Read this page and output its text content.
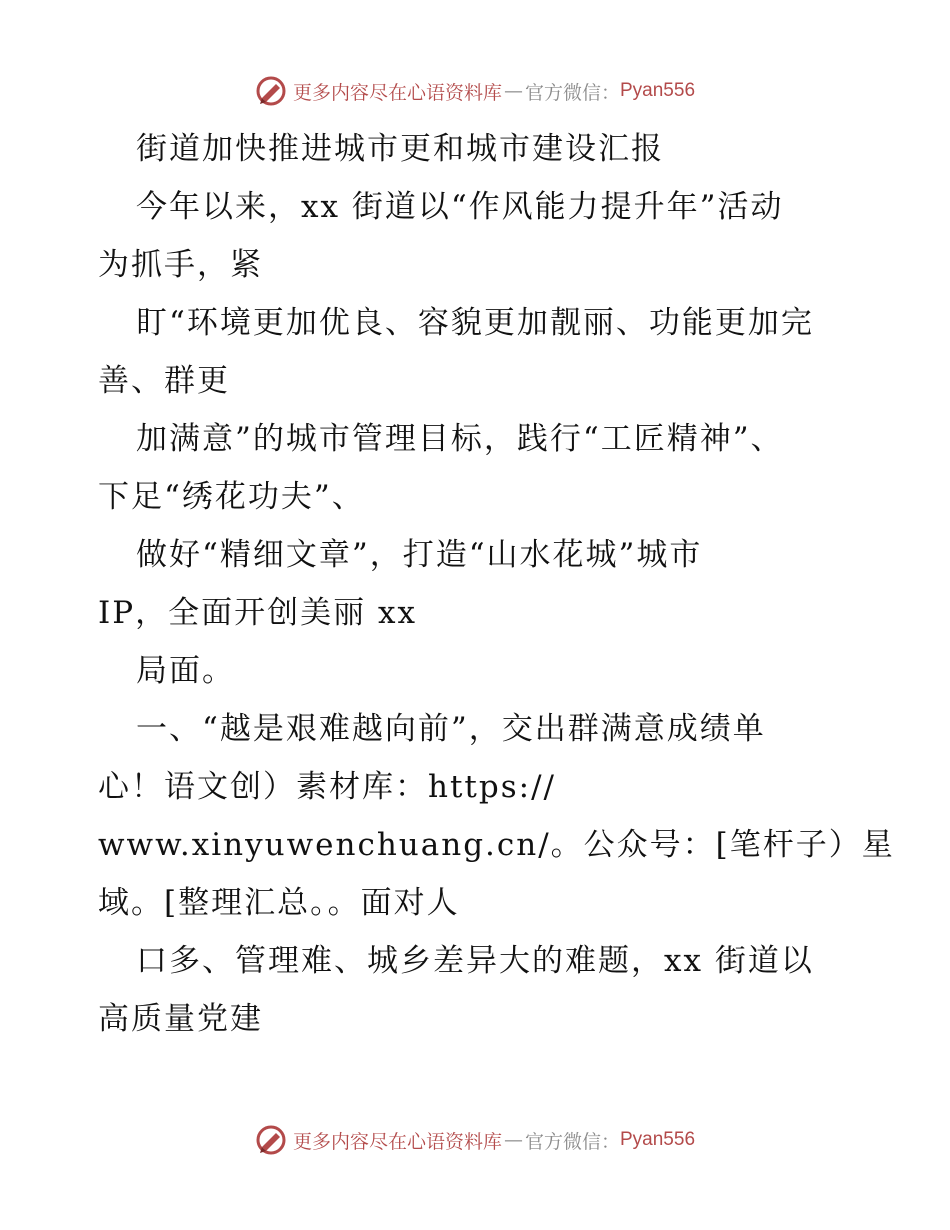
更多内容尽在心语资料库 — 官方微信： Pyan556
街道加快推进城市更和城市建设汇报
今年以来，xx 街道以“作风能力提升年”活动
为抓手，紧
盯“环境更加优良、容貌更加靓丽、功能更加完
善、群更
加满意”的城市管理目标，践行“工匠精神”、
下足“绣花功夫”、
做好“精细文章”，打造“山水花城”城市
IP，全面开创美丽 xx
局面。
一、“越是艰难越向前”，交出群满意成绩单
心！语文创）素材库：https://
www.xinyuwenchuang.cn/。公众号：[笔杆子）星
域。[整理汇总。。面对人
口多、管理难、城乡差异大的难题，xx 街道以
高质量党建
更多内容尽在心语资料库 — 官方微信： Pyan556
